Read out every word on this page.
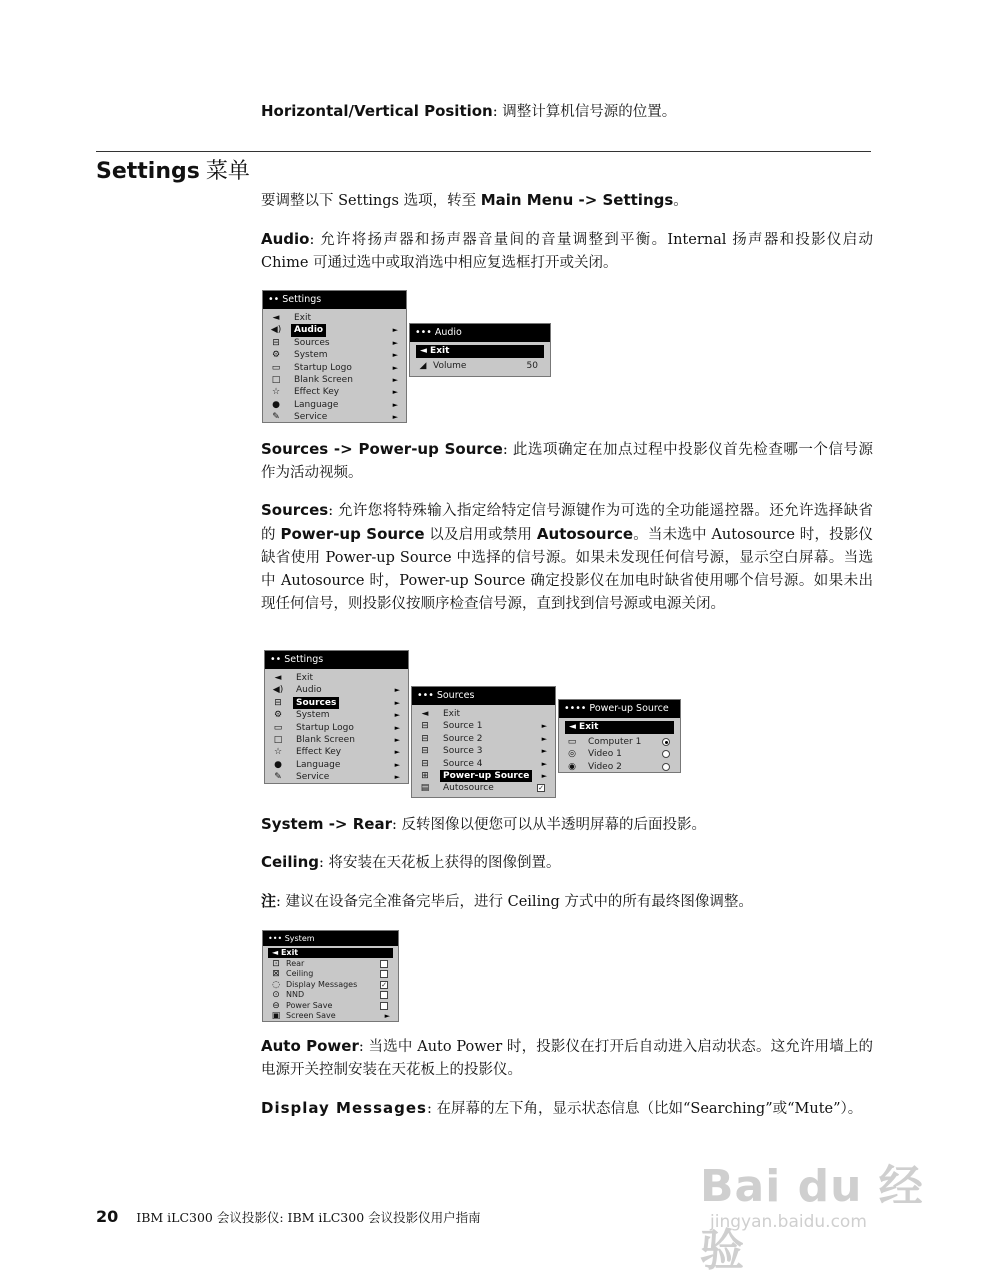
Horizontal/Vertical Position: 调整计算机信号源的位置。
Settings 菜单
要调整以下 Settings 选项，转至 Main Menu -> Settings。
Audio: 允许将扬声器和扬声器音量间的音量调整到平衡。Internal 扬声器和投影仪启动 Chime 可通过选中或取消选中相应复选框打开或关闭。
•• Settings
◄	Exit
◀)	Audio	►
⊟	Sources	►
⚙	System	►
▭	Startup Logo	►
□	Blank Screen	►
☆	Effect Key	►
●	Language	►
✎	Service	►
••• Audio
◄ Exit
◢ Volume	50
Sources -> Power-up Source: 此选项确定在加点过程中投影仪首先检查哪一个信号源作为活动视频。
Sources: 允许您将特殊输入指定给特定信号源键作为可选的全功能遥控器。还允许选择缺省的 Power-up Source 以及启用或禁用 Autosource。当未选中 Autosource 时，投影仪缺省使用 Power-up Source 中选择的信号源。如果未发现任何信号源，显示空白屏幕。当选中 Autosource 时，Power-up Source 确定投影仪在加电时缺省使用哪个信号源。如果未出现任何信号，则投影仪按顺序检查信号源，直到找到信号源或电源关闭。
•• Settings
◄	Exit
◀)	Audio	►
⊟	Sources	►
⚙	System	►
▭	Startup Logo	►
□	Blank Screen	►
☆	Effect Key	►
●	Language	►
✎	Service	►
••• Sources
◄	Exit
⊟	Source 1	►
⊟	Source 2	►
⊟	Source 3	►
⊟	Source 4	►
⊞	Power-up Source	►
▤	Autosource	✓
•••• Power-up Source
◄ Exit
▭	Computer 1
◎	Video 1
◉	Video 2
System -> Rear: 反转图像以便您可以从半透明屏幕的后面投影。
Ceiling: 将安装在天花板上获得的图像倒置。
注: 建议在设备完全准备完毕后，进行 Ceiling 方式中的所有最终图像调整。
••• System
◄ Exit
⊡ Rear
⊠ Ceiling
◌ Display Messages	✓
⊙ NND
⊖ Power Save
▣ Screen Save	►
Auto Power: 当选中 Auto Power 时，投影仪在打开后自动进入启动状态。这允许用墙上的电源开关控制安装在天花板上的投影仪。
Display Messages: 在屏幕的左下角，显示状态信息（比如“Searching”或“Mute”）。
20 IBM iLC300 会议投影仪: IBM iLC300 会议投影仪用户指南
Bai du 经验
jingyan.baidu.com
